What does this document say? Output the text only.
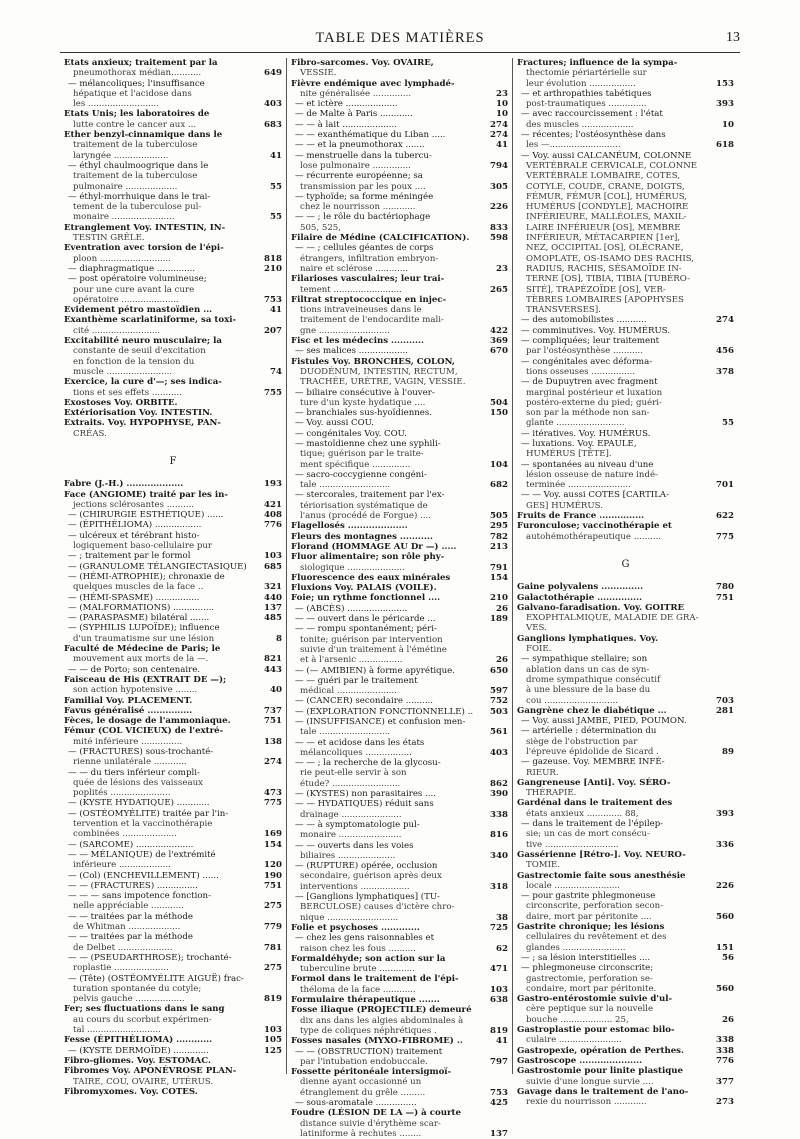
TABLE DES MATIÈRES	13
Etats anxieux; traitement par la
pneumothorax médian...........	649
— mélancoliques; l'insuffisance
hépatique et l'acidose dans
les ..........................	403
Etats Unis; les laboratoires de
lutte contre le cancer aux ...	683
Ether benzyl-cinnamique dans le
traitement de la tuberculose
laryngée ....................	41
— éthyl chaulmoogrique dans le
traitement de la tuberculose
pulmonaire ...................	55
— éthyl-morrhuique dans le trai-
tement de la tuberculose pul-
monaire .......................	55
Etranglement Voy. INTESTIN, IN-
TESTIN GRÊLE.
Eventration avec torsion de l'épi-
ploon ..........................	818
— diaphragmatique ..............	210
— post opératoire volumineuse;
pour une cure avant la cure
opératoire .....................	753
Evidement pétro mastoïdien ...	41
Exanthème scarlatiniforme, sa toxi-
cité .........................	207
Excitabilité neuro musculaire; la
constante de seuil d'excitation
en fonction de la tension du
muscle ........................	74
Exercice, la cure d'—; ses indica-
tions et ses effets ...........	755
Exostoses Voy. ORBITE.
Extériorisation Voy. INTESTIN.
Extraits. Voy. HYPOPHYSE, PAN-
CRÉAS.
F
Fabre (J.-H.) ...................	193
Face (ANGIOME) traité par les in-
jections sclérosantes ..........	421
— (CHIRURGIE ESTHÉTIQUE) ......	408
— (ÉPITHÉLIOMA) .................	776
— ulcéreux et térébrant histo-
logiquement baso-cellulaire pur
— ; traitement par le formol	103
— (GRANULOME TÉLANGIECTASIQUE)	685
— (HÉMI-ATROPHIE); chronaxie de
quelques muscles de la face ..	321
— (HÉMI-SPASME) ................	440
— (MALFORMATIONS) ...............	137
— (PARASPASME) bilatéral .......	485
— (SYPHILIS LUPOÏDE); influence
d'un traumatisme sur une lésion	8
Faculté de Médecine de Paris; le
mouvement aux morts de la —.	821
— — de Porto; son centenaire.	443
Faisceau de His (EXTRAIT DE —);
son action hypotensive ........	40
Familial Voy. PLACEMENT.
Favus généralisé ...............	737
Fèces, le dosage de l'ammoniaque.	751
Fémur (COL VICIEUX) de l'extré-
mité inférieure ...............	138
— (FRACTURES) sous-trochanté-
rienne unilatérale ............	274
— — du tiers inférieur compli-
quée de lésions des vaisseaux
poplités ......................	473
— (KYSTE HYDATIQUE) ............	775
— (OSTÉOMYÉLITE) traitée par l'in-
tervention et la vaccinothérapie
combinées ....................	169
— (SARCOME) .....................	154
— — MÉLANIQUE) de l'extrémité
inférieure ...................	120
— (Col) (ENCHEVILLEMENT) ......	190
— — (FRACTURES) ...............	751
— — — sans impotence fonction-
nelle appréciable ............	275
— — traitées par la méthode
de Whitman ...................	779
— — traitées par la méthode
de Delbet ....................	781
— — (PSEUDARTHROSE); trochanté-
roplastie ....................	275
— (Tête) (OSTÉOMYÉLITE AIGUË) frac-
turation spontanée du cotyle;
pelvis gauche ..................	819
Fer; ses fluctuations dans le sang
au cours du scorbut expérimen-
tal ...........................	103
Fesse (ÉPITHÉLIOMA) ............	105
— (KYSTE DERMOÏDE) .............	125
Fibro-gliomes. Voy. ESTOMAC.
Fibromes Voy. APONÉVROSE PLAN-
TAIRE, COU, OVAIRE, UTÉRUS.
Fibromyxomes. Voy. COTES.
Fibro-sarcomes. Voy. OVAIRE,
VESSIE.
Fièvre endémique avec lymphadé-
nite généralisée ..............	23
— et ictère ...................	10
— de Malte à Paris ............	10
— — à lait ....................	274
— — exanthématique du Liban .....	274
— — et la pneumothorax .......	41
— menstruelle dans la tubercu-
lose pulmonaire ..............	794
— récurrente européenne; sa
transmission par les poux ....	305
— typhoïde; sa forme méningée
chez le nourrisson ............	226
— — ; le rôle du bactériophage
505, 525,	833
Filaire de Médine (CALCIFICATION).	598
— — ; cellules géantes de corps
étrangers, infiltration embryon-
naire et sclérose ............	23
Filarioses vasculaires; leur trai-
tement .........................	265
Filtrat streptococcique en injec-
tions intraveineuses dans le
traitement de l'endocardite mali-
gne ..........................	422
Fisc et les médecins ...........	369
— ses malices ..................	670
Fistules Voy. BRONCHES, COLON,
DUODÉNUM, INTESTIN, RECTUM,
TRACHÉE, URÈTRE, VAGIN, VESSIE.
— biliaire consécutive à l'ouver-
ture d'un kyste hydatique ....	504
— branchiales sus-hyoïdiennes.	150
— Voy. aussi COU.
— congénitales Voy. COU.
— mastoïdienne chez une syphili-
tique; guérison par le traite-
ment spécifique ..............	104
— sacro-coccygienne congéni-
tale ..........................	682
— stercorales, traitement par l'ex-
tériorisation systématique de
l'anus (procédé de Forgue) ....	505
Flagellosés ....................	295
Fleurs des montagnes ...........	782
Florand (HOMMAGE AU Dr —) .....	213
Fluor alimentaire; son rôle phy-
siologique .....................	791
Fluorescence des eaux minérales	154
Fluxions Voy. PALAIS (VOILE).
Foie; un rythme fonctionnel ....	210
— (ABCÈS) ......................	26
— — ouvert dans le péricarde ...	189
— — rompu spontanément; péri-
tonite; guérison par intervention
suivie d'un traitement à l'émétine
et à l'arsenic ................	26
— (— AMIBIEN) à forme apyrétique.	650
— — guéri par le traitement
médical ......................	597
— (CANCER) secondaire ..........	752
— (EXPLORATION FONCTIONNELLE) ..	503
— (INSUFFISANCE) et confusion men-
tale ..........................	561
— — et acidose dans les états
mélancoliques .................	403
— — ; la recherche de la glycosu-
rie peut-elle servir à son
étude? .........................	862
— (KYSTES) non parasitaires ....	390
— — HYDATIQUES) réduit sans
drainage ......................	338
— — à symptomatologie pul-
monaire .......................	816
— — ouverts dans les voies
biliaires .....................	340
— (RUPTURE) opérée, occlusion
secondaire, guérison après deux
interventions ..................	318
— [Ganglions lymphatiques] (TU-
BERCULOSE) causes d'ictère chro-
nique ..........................	38
Folie et psychoses .............	725
— chez les gens raisonnables et
raison chez les fous ..........	62
Formaldéhyde; son action sur la
tuberculine brute .............	471
Formol dans le traitement de l'épi-
théloma de la face ............	103
Formulaire thérapeutique .......	638
Fosse iliaque (PROJECTILE) demeuré
dix ans dans les algies abdominales à
type de coliques néphrétiques .	819
Fosses nasales (MYXO-FIBROME) ..	41
— — (OBSTRUCTION) traitement
par l'intubation endobuccale.	797
Fossette péritonéale intersigmoï-
dienne ayant occasionné un
étranglement du grêle .........	753
— sous-aromatale ...............	425
Foudre (LÉSION DE LA —) à courte
distance suivie d'érythème scar-
latiniforme à rechutes ........	137
Fractures; influence de la sympa-
thectomie périartérielle sur
leur évolution .................	153
— et arthropathies tabétiques
post-traumatiques ..............	393
— avec raccourcissement : l'état
des muscles ...................	10
— récentes; l'ostéosynthèse dans
les —..........................	618
— Voy. aussi CALCANÉUM, COLONNE
VERTÉBRALE CERVICALE, COLONNE
VERTÉBRALE LOMBAIRE, COTES,
COTYLE, COUDE, CRANE, DOIGTS,
FÉMUR, FÉMUR [COL], HUMÉRUS,
HUMÉRUS [CONDYLE], MACHOIRE
INFÉRIEURE, MALLÉOLES, MAXIL-
LAIRE INFÉRIEUR [OS], MEMBRE
INFÉRIEUR, MÉTACARPIEN [1er],
NEZ, OCCIPITAL [OS], OLÉCRANE,
OMOPLATE, OS-ISAMO DES RACHIS,
RADIUS, RACHIS, SÉSAMOÏDE IN-
TERNE [OS], TIBIA, TIBIA [TUBÉRO-
SITÉ], TRAPÉZOÏDE [OS], VER-
TÈBRES LOMBAIRES [APOPHYSES
TRANSVERSES].
— des automobilistes ...........	274
— comminutives. Voy. HUMÉRUS.
— compliquées; leur traitement
par l'ostéosynthèse ...........	456
— congénitales avec déforma-
tions osseuses ................	378
— de Dupuytren avec fragment
marginal postérieur et luxation
postéro-externe du pied; guéri-
son par la méthode non san-
glante .........................	55
— itératives. Voy. HUMÉRUS.
— luxations. Voy. EPAULE,
HUMÉRUS [TÊTE].
— spontanées au niveau d'une
lésion osseuse de nature indé-
terminée .......................	701
— — Voy. aussi COTES [CARTILA-
GES] HUMÉRUS.
Fruits de France ...............	622
Furonculose; vaccinothérapie et
autohémothérapeutique ..........	775
G
Gaine polyvalens ..............	780
Galactothérapie ...............	751
Galvano-faradisation. Voy. GOITRE
EXOPHTALMIQUE, MALADIE DE GRA-
VES.
Ganglions lymphatiques. Voy.
FOIE.
— sympathique stellaire; son
ablation dans un cas de syn-
drome sympathique consécutif
à une blessure de la base du
cou ...........................	703
Gangrène chez le diabétique ...	281
— Voy. aussi JAMBE, PIED, POUMON.
— artérielle : détermination du
siège de l'obstruction par
l'épreuve épidolide de Sicard .	89
— gazeuse. Voy. MEMBRE INFÉ-
RIEUR.
Gangreneuse [Anti]. Voy. SÉRO-
THÉRAPIE.
Gardénal dans le traitement des
états anxieux ............. 88,	393
— dans le traitement de l'épilep-
sie; un cas de mort consécu-
tive ...........................	336
Gassérienne [Rétro-]. Voy. NEURO-
TOMIE.
Gastrectomie faite sous anesthésie
locale ........................	226
— pour gastrite phlegmoneuse
circonscrite, perforation secon-
daire, mort par péritonite ....	560
Gastrite chronique; les lésions
cellulaires du revêtement et des
glandes .......................	151
— ; sa lésion interstitielles ....	56
— phlegmoneuse circonscrite;
gastrectomie, perforation se-
condaire, mort par péritonite.	560
Gastro-entérostomie suivie d'ul-
cère peptique sur la nouvelle
bouche ................... 25,	26
Gastroplastie pour estomac bilo-
culaire .......................	338
Gastropexie, opération de Perthes.	338
Gastroscope .....................	776
Gastrostomie pour linite plastique
suivie d'une longue survie ....	377
Gavage dans le traitement de l'ano-
rexie du nourrisson ............	273
